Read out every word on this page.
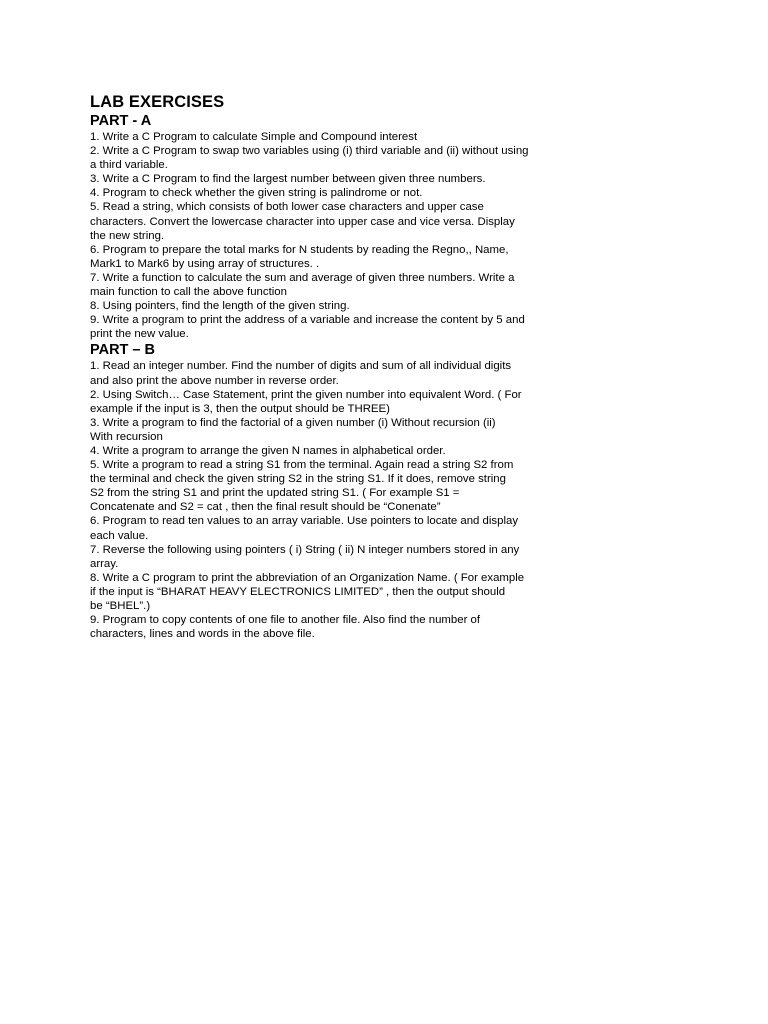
LAB EXERCISES
PART - A
1. Write a C Program to calculate Simple and Compound interest
2. Write a C Program to swap two variables using (i) third variable and (ii) without using
a third variable.
3. Write a C Program to find the largest number between given three numbers.
4. Program to check whether the given string is palindrome or not.
5. Read a string, which consists of both lower case characters and upper case
characters. Convert the lowercase character into upper case and vice versa. Display
the new string.
6. Program to prepare the total marks for N students by reading the Regno,, Name,
Mark1 to Mark6 by using array of structures. .
7. Write a function to calculate the sum and average of given three numbers. Write a
main function to call the above function
8. Using pointers, find the length of the given string.
9. Write a program to print the address of a variable and increase the content by 5 and
print the new value.
PART – B
1. Read an integer number. Find the number of digits and sum of all individual digits
and also print the above number in reverse order.
2. Using Switch… Case Statement, print the given number into equivalent Word. ( For
example if the input is 3, then the output should be THREE)
3. Write a program to find the factorial of a given number (i) Without recursion (ii)
With recursion
4. Write a program to arrange the given N names in alphabetical order.
5. Write a program to read a string S1 from the terminal. Again read a string S2 from
the terminal and check the given string S2 in the string S1. If it does, remove string
S2 from the string S1 and print the updated string S1. ( For example S1 =
Concatenate and S2 = cat , then the final result should be “Conenate”
6. Program to read ten values to an array variable. Use pointers to locate and display
each value.
7. Reverse the following using pointers ( i) String ( ii) N integer numbers stored in any
array.
8. Write a C program to print the abbreviation of an Organization Name. ( For example
if the input is “BHARAT HEAVY ELECTRONICS LIMITED” , then the output should
be “BHEL”.)
9. Program to copy contents of one file to another file. Also find the number of
characters, lines and words in the above file.
